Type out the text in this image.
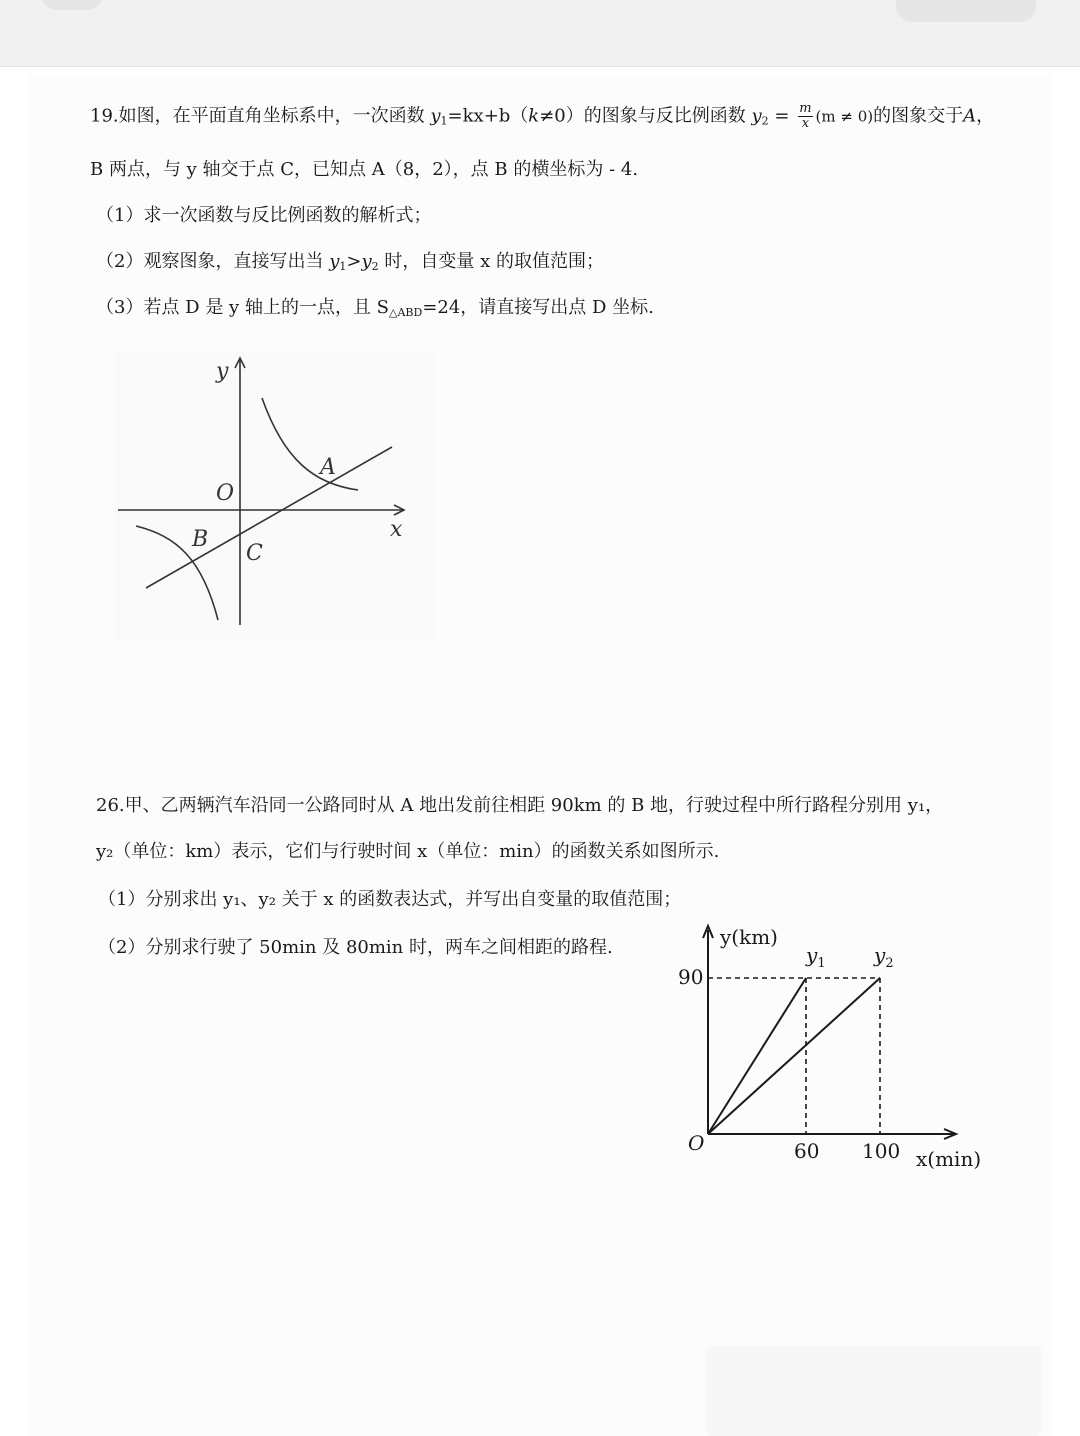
19.如图，在平面直角坐标系中，一次函数 $y_1=kx+b(k\ne 0)$的图象与反比例函数 $y_2 = \frac{m}{x} (m \ne 0)$的图象交于A，
B 两点，与 y 轴交于点 C，已知点 A（8，2），点 B 的横坐标为 - 4.
（1）求一次函数与反比例函数的解析式；
（2）观察图象，直接写出当 $y_1>y_2$ 时，自变量 x 的取值范围；
（3）若点 D 是 y 轴上的一点，且 $S_{\triangle ABD}=24$，请直接写出点 D 坐标.
y
x
O
A
B
C
26.甲、乙两辆汽车沿同一公路同时从 A 地出发前往相距 90km 的 B 地，行驶过程中所行路程分别用 y₁，
y₂（单位：km）表示，它们与行驶时间 x（单位：min）的函数关系如图所示.
（1）分别求出 y₁、y₂ 关于 x 的函数表达式，并写出自变量的取值范围；
（2）分别求行驶了 50min 及 80min 时，两车之间相距的路程.	y(km)
90
O	60 100 x(min)
$y_1$ $y_2$
